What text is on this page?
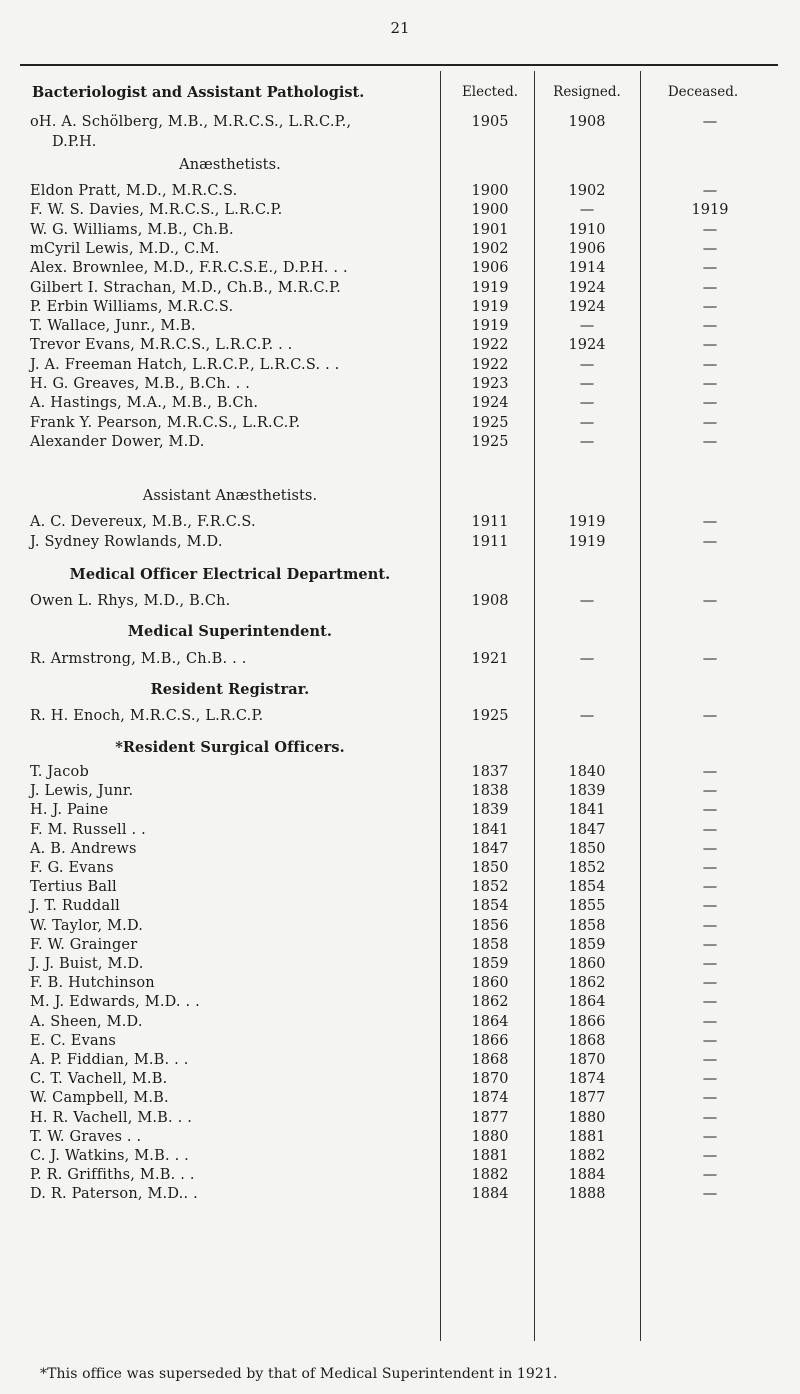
21
Bacteriologist and Assistant Pathologist.	Elected.	Resigned.	Deceased.
oH. A. Schölberg, M.B., M.R.C.S., L.R.C.P.,	1905	1908	—
D.P.H.
Anæsthetists.
Eldon Pratt, M.D., M.R.C.S.	1900	1902	—
F. W. S. Davies, M.R.C.S., L.R.C.P.	1900	—	1919
W. G. Williams, M.B., Ch.B.	1901	1910	—
mCyril Lewis, M.D., C.M.	1902	1906	—
Alex. Brownlee, M.D., F.R.C.S.E., D.P.H. . .	1906	1914	—
Gilbert I. Strachan, M.D., Ch.B., M.R.C.P.	1919	1924	—
P. Erbin Williams, M.R.C.S.	1919	1924	—
T. Wallace, Junr., M.B.	1919	—	—
Trevor Evans, M.R.C.S., L.R.C.P. . .	1922	1924	—
J. A. Freeman Hatch, L.R.C.P., L.R.C.S. . .	1922	—	—
H. G. Greaves, M.B., B.Ch. . .	1923	—	—
A. Hastings, M.A., M.B., B.Ch.	1924	—	—
Frank Y. Pearson, M.R.C.S., L.R.C.P.	1925	—	—
Alexander Dower, M.D.	1925	—	—
Assistant Anæsthetists.
A. C. Devereux, M.B., F.R.C.S.	1911	1919	—
J. Sydney Rowlands, M.D.	1911	1919	—
Medical Officer Electrical Department.
Owen L. Rhys, M.D., B.Ch.	1908	—	—
Medical Superintendent.
R. Armstrong, M.B., Ch.B. . .	1921	—	—
Resident Registrar.
R. H. Enoch, M.R.C.S., L.R.C.P.	1925	—	—
*Resident Surgical Officers.
T. Jacob	1837	1840	—
J. Lewis, Junr.	1838	1839	—
H. J. Paine	1839	1841	—
F. M. Russell . .	1841	1847	—
A. B. Andrews	1847	1850	—
F. G. Evans	1850	1852	—
Tertius Ball	1852	1854	—
J. T. Ruddall	1854	1855	—
W. Taylor, M.D.	1856	1858	—
F. W. Grainger	1858	1859	—
J. J. Buist, M.D.	1859	1860	—
F. B. Hutchinson	1860	1862	—
M. J. Edwards, M.D. . .	1862	1864	—
A. Sheen, M.D.	1864	1866	—
E. C. Evans	1866	1868	—
A. P. Fiddian, M.B. . .	1868	1870	—
C. T. Vachell, M.B.	1870	1874	—
W. Campbell, M.B.	1874	1877	—
H. R. Vachell, M.B. . .	1877	1880	—
T. W. Graves . .	1880	1881	—
C. J. Watkins, M.B. . .	1881	1882	—
P. R. Griffiths, M.B. . .	1882	1884	—
D. R. Paterson, M.D.. .	1884	1888	—
*This office was superseded by that of Medical Superintendent in 1921.
